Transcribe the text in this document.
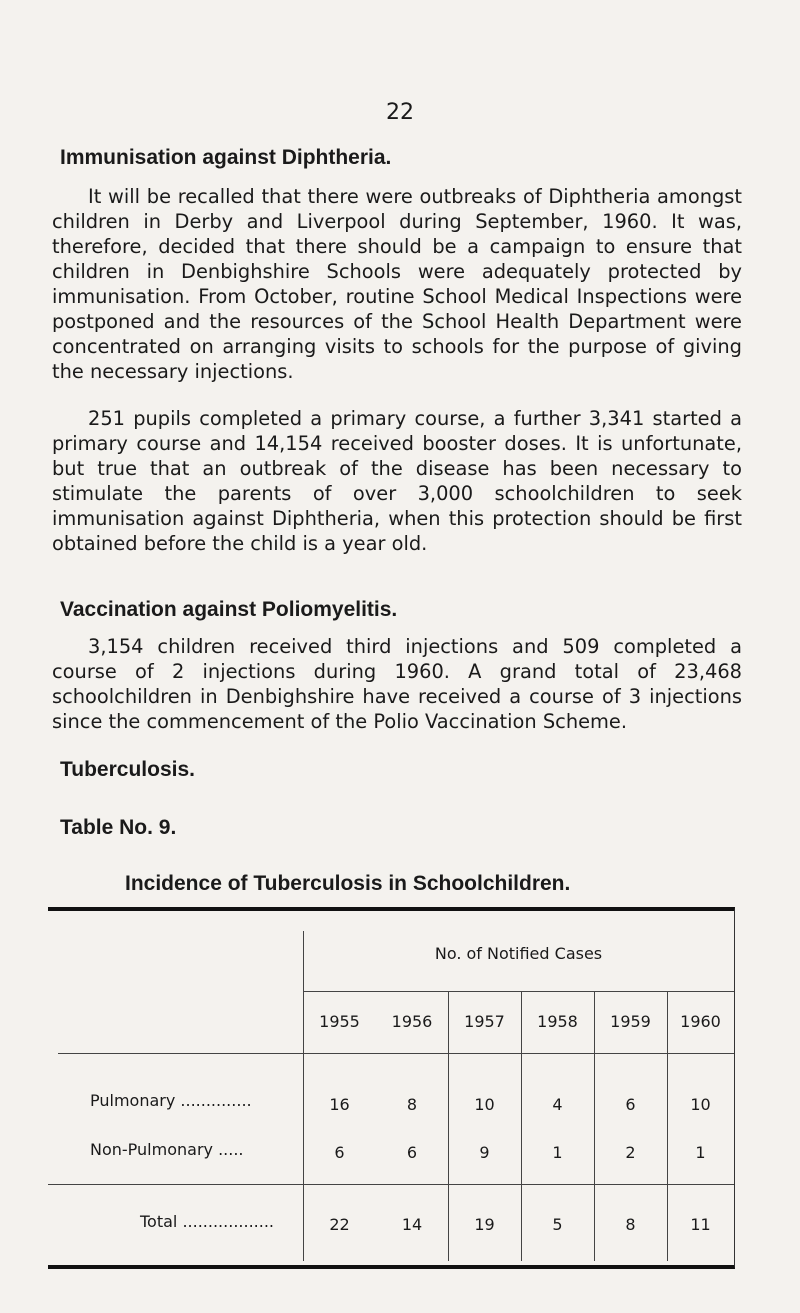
22
Immunisation against Diphtheria.

It will be recalled that there were outbreaks of Diphtheria amongst children in Derby and Liverpool during September, 1960. It was, therefore, decided that there should be a campaign to ensure that children in Denbighshire Schools were adequately protected by immunisation. From October, routine School Medical Inspections were postponed and the resources of the School Health Department were concentrated on arranging visits to schools for the purpose of giving the necessary injections.

251 pupils completed a primary course, a further 3,341 started a primary course and 14,154 received booster doses. It is unfortunate, but true that an outbreak of the disease has been necessary to stimulate the parents of over 3,000 schoolchildren to seek immunisation against Diphtheria, when this protection should be first obtained before the child is a year old.

Vaccination against Poliomyelitis.

3,154 children received third injections and 509 completed a course of 2 injections during 1960. A grand total of 23,468 schoolchildren in Denbighshire have received a course of 3 injections since the commencement of the Polio Vaccination Scheme.

Tuberculosis.
Table No. 9.
Incidence of Tuberculosis in Schoolchildren.
No. of Notified Cases
1955	1956	1957	1958	1959	1960
Pulmonary ..............	16	8	10	4	6	10
Non-Pulmonary .....	6	6	9	1	2	1
Total ..................	22	14	19	5	8	11
